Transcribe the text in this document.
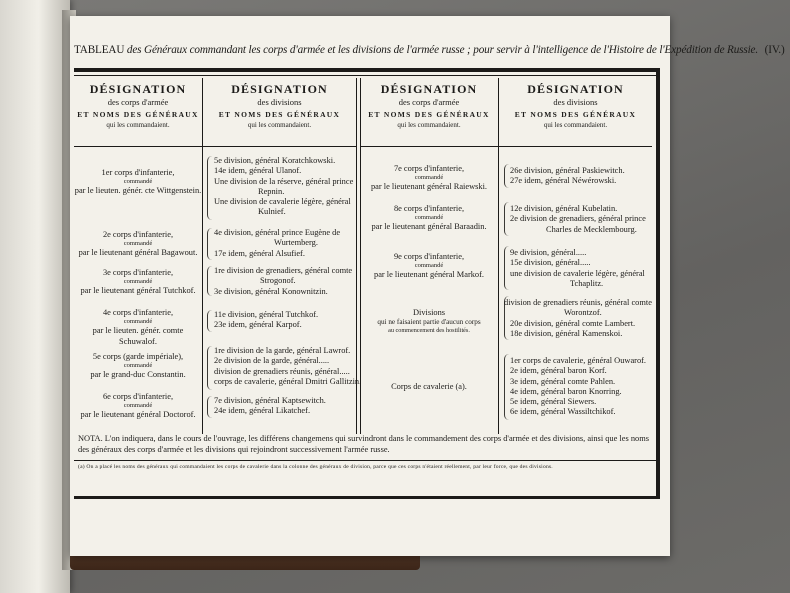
TABLEAU des Généraux commandant les corps d'armée et les divisions de l'armée russe ; pour servir à l'intelligence de l'Histoire de l'Expédition de Russie. (IV.)
DÉSIGNATION
des corps d'armée
ET NOMS DES GÉNÉRAUX
qui les commandaient.
DÉSIGNATION
des divisions
ET NOMS DES GÉNÉRAUX
qui les commandaient.
DÉSIGNATION
des corps d'armée
ET NOMS DES GÉNÉRAUX
qui les commandaient.
DÉSIGNATION
des divisions
ET NOMS DES GÉNÉRAUX
qui les commandaient.
1er corps d'infanterie,
commandé
par le lieuten. génér. cte Wittgenstein.
2e corps d'infanterie,
commandé
par le lieutenant général Bagawout.
3e corps d'infanterie,
commandé
par le lieutenant général Tutchkof.
4e corps d'infanterie,
commandé
par le lieuten. génér. comte Schuwalof.
5e corps (garde impériale),
commandé
par le grand-duc Constantin.
6e corps d'infanterie,
commandé
par le lieutenant général Doctorof.
5e division, général Koratchkowski.
14e idem, général Ulanof.
Une division de la réserve, général prince
Repnin.
Une division de cavalerie légère, général
Kulnief.
4e division, général prince Eugène de
Wurtemberg.
17e idem, général Alsufief.
1re division de grenadiers, général comte
Strogonof.
3e division, général Konownitzin.
11e division, général Tutchkof.
23e idem, général Karpof.
1re division de la garde, général Lawrof.
2e division de la garde, général.....
division de grenadiers réunis, général.....
corps de cavalerie, général Dmitri Gallitzin.
7e division, général Kaptsewitch.
24e idem, général Likatchef.
7e corps d'infanterie,
commandé
par le lieutenant général Raiewski.
8e corps d'infanterie,
commandé
par le lieutenant général Baraadin.
9e corps d'infanterie,
commandé
par le lieutenant général Markof.
Divisions
qui ne faisaient partie d'aucun corps
au commencement des hostilités.
Corps de cavalerie (a).
26e division, général Paskiewitch.
27e idem, général Néwérowski.
12e division, général Kubelatin.
2e division de grenadiers, général prince
Charles de Mecklembourg.
9e division, général.....
15e division, général.....
une division de cavalerie légère, général
Tchaplitz.
division de grenadiers réunis, général comte
Worontzof.
20e division, général comte Lambert.
18e division, général Kamenskoi.
1er corps de cavalerie, général Ouwarof.
2e idem, général baron Korf.
3e idem, général comte Pahlen.
4e idem, général baron Knorring.
5e idem, général Siewers.
6e idem, général Wassiltchikof.
NOTA. L'on indiquera, dans le cours de l'ouvrage, les différens changemens qui survindront dans le commandement des corps d'armée et des divisions, ainsi que les noms des généraux des corps d'armée et les divisions qui rejoindront successivement l'armée russe.
(a) On a placé les noms des généraux qui commandaient les corps de cavalerie dans la colonne des généraux de division, parce que ces corps n'étaient réellement, par leur force, que des divisions.
